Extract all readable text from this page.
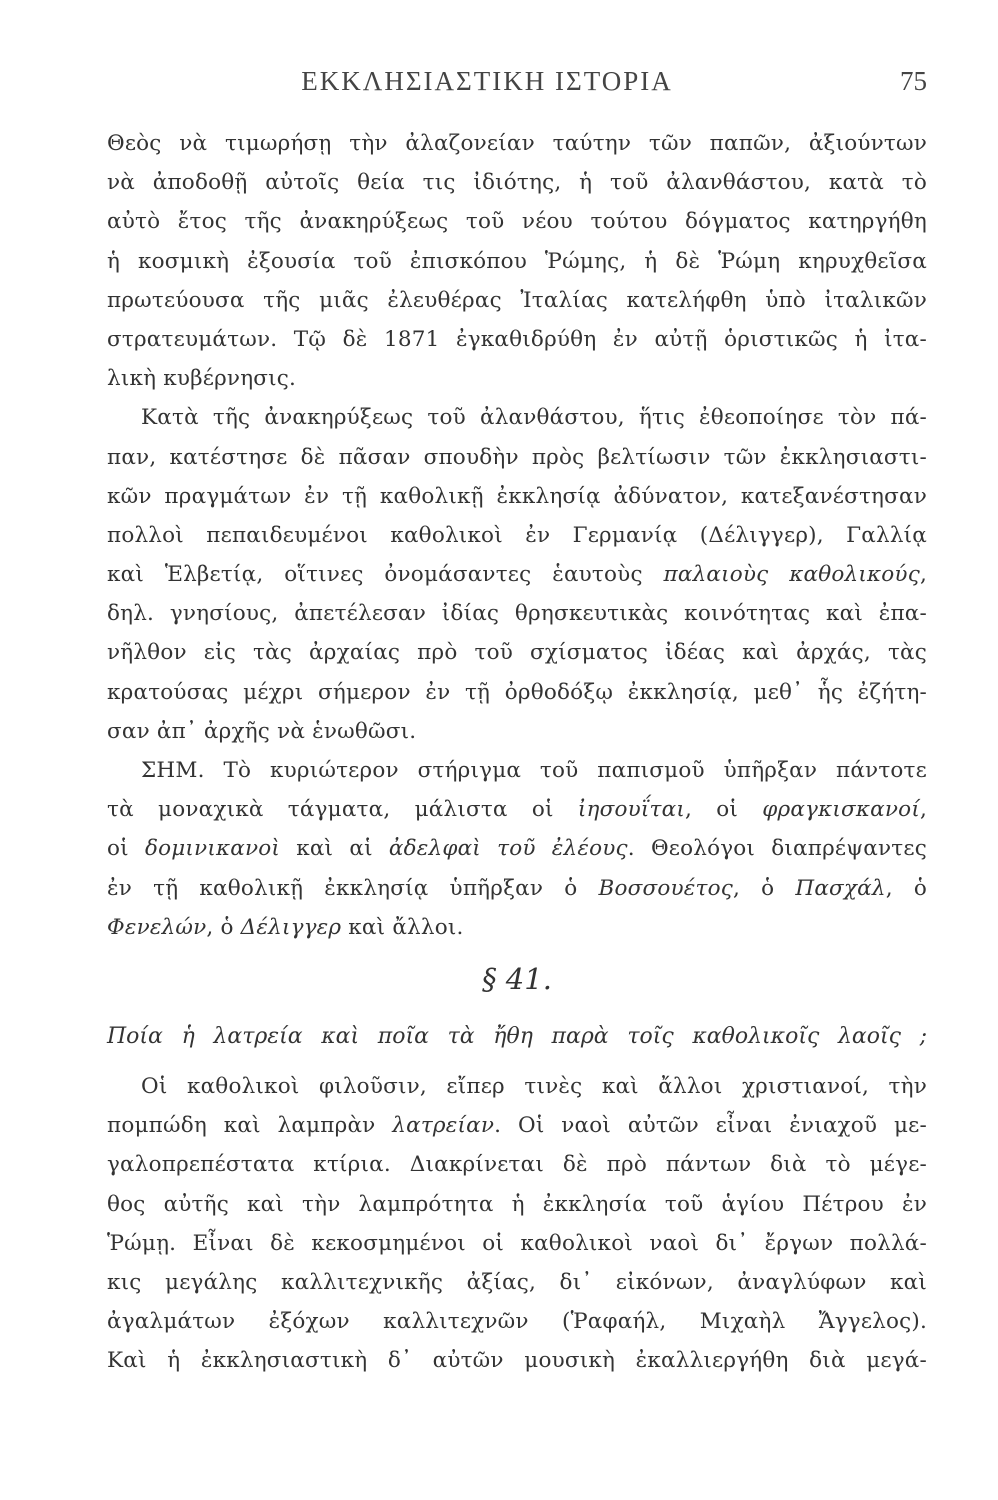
ΕΚΚΛΗΣΙΑΣΤΙΚΗ ΙΣΤΟΡΙΑ	75
Θεὸς νὰ τιμωρήσῃ τὴν ἀλαζονείαν ταύτην τῶν παπῶν, ἀξιούντων
νὰ ἀποδοθῇ αὐτοῖς θεία τις ἰδιότης, ἡ τοῦ ἀλανθάστου, κατὰ τὸ
αὐτὸ ἔτος τῆς ἀνακηρύξεως τοῦ νέου τούτου δόγματος κατηργήθη
ἡ κοσμικὴ ἐξουσία τοῦ ἐπισκόπου Ῥώμης, ἡ δὲ Ῥώμη κηρυχθεῖσα
πρωτεύουσα τῆς μιᾶς ἐλευθέρας Ἰταλίας κατελήφθη ὑπὸ ἰταλικῶν
στρατευμάτων. Τῷ δὲ 1871 ἐγκαθιδρύθη ἐν αὐτῇ ὁριστικῶς ἡ ἰτα-
λικὴ κυβέρνησις.
Κατὰ τῆς ἀνακηρύξεως τοῦ ἀλανθάστου, ἥτις ἐθεοποίησε τὸν πά-
παν, κατέστησε δὲ πᾶσαν σπουδὴν πρὸς βελτίωσιν τῶν ἐκκλησιαστι-
κῶν πραγμάτων ἐν τῇ καθολικῇ ἐκκλησίᾳ ἀδύνατον, κατεξανέστησαν
πολλοὶ πεπαιδευμένοι καθολικοὶ ἐν Γερμανίᾳ (Δέλιγγερ), Γαλλίᾳ
καὶ Ἑλβετίᾳ, οἵτινες ὀνομάσαντες ἑαυτοὺς παλαιοὺς καθολικούς,
δηλ. γνησίους, ἀπετέλεσαν ἰδίας θρησκευτικὰς κοινότητας καὶ ἐπα-
νῆλθον εἰς τὰς ἀρχαίας πρὸ τοῦ σχίσματος ἰδέας καὶ ἀρχάς, τὰς
κρατούσας μέχρι σήμερον ἐν τῇ ὀρθοδόξῳ ἐκκλησίᾳ, μεθ᾽ ἧς ἐζήτη-
σαν ἀπ᾽ ἀρχῆς νὰ ἑνωθῶσι.
ΣΗΜ. Τὸ κυριώτερον στήριγμα τοῦ παπισμοῦ ὑπῆρξαν πάντοτε
τὰ μοναχικὰ τάγματα, μάλιστα οἱ ἰησουΐται, οἱ φραγκισκανοί,
οἱ δομινικανοὶ καὶ αἱ ἀδελφαὶ τοῦ ἐλέους. Θεολόγοι διαπρέψαντες
ἐν τῇ καθολικῇ ἐκκλησίᾳ ὑπῆρξαν ὁ Βοσσουέτος, ὁ Πασχάλ, ὁ
Φενελών, ὁ Δέλιγγερ καὶ ἄλλοι.
§ 41.
Ποία ἡ λατρεία καὶ ποῖα τὰ ἤθη παρὰ τοῖς καθολικοῖς λαοῖς ;
Οἱ καθολικοὶ φιλοῦσιν, εἴπερ τινὲς καὶ ἄλλοι χριστιανοί, τὴν
πομπώδη καὶ λαμπρὰν λατρείαν. Οἱ ναοὶ αὐτῶν εἶναι ἐνιαχοῦ με-
γαλοπρεπέστατα κτίρια. Διακρίνεται δὲ πρὸ πάντων διὰ τὸ μέγε-
θος αὐτῆς καὶ τὴν λαμπρότητα ἡ ἐκκλησία τοῦ ἁγίου Πέτρου ἐν
Ῥώμῃ. Εἶναι δὲ κεκοσμημένοι οἱ καθολικοὶ ναοὶ δι᾽ ἔργων πολλά-
κις μεγάλης καλλιτεχνικῆς ἀξίας, δι᾽ εἰκόνων, ἀναγλύφων καὶ
ἀγαλμάτων ἐξόχων καλλιτεχνῶν (Ῥαφαήλ, Μιχαὴλ Ἄγγελος).
Καὶ ἡ ἐκκλησιαστικὴ δ᾽ αὐτῶν μουσικὴ ἐκαλλιεργήθη διὰ μεγά-
